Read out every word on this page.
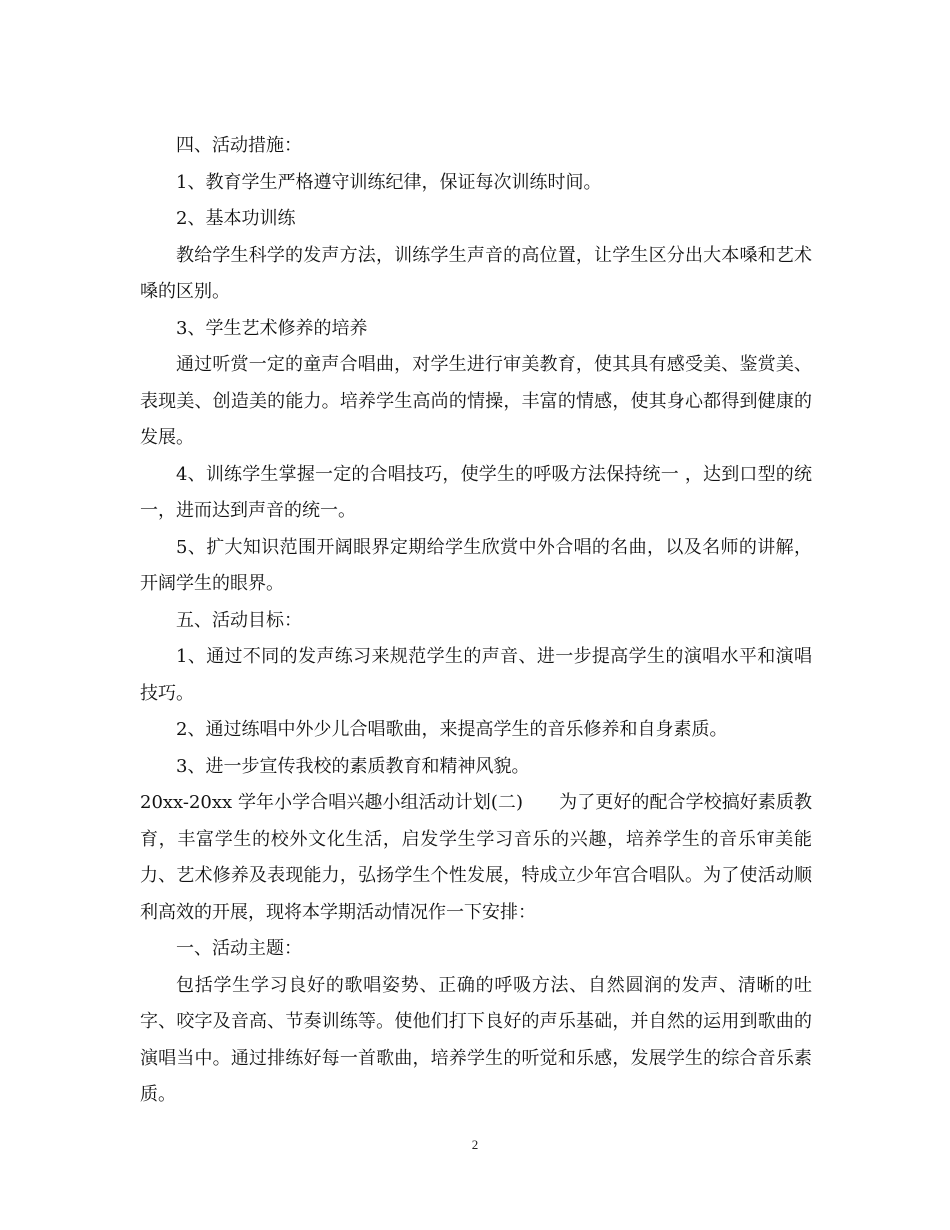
四、活动措施：

1、教育学生严格遵守训练纪律，保证每次训练时间。

2、基本功训练

教给学生科学的发声方法，训练学生声音的高位置，让学生区分出大本嗓和艺术嗓的区别。

3、学生艺术修养的培养

通过听赏一定的童声合唱曲，对学生进行审美教育，使其具有感受美、鉴赏美、表现美、创造美的能力。培养学生高尚的情操，丰富的情感，使其身心都得到健康的发展。

4、训练学生掌握一定的合唱技巧，使学生的呼吸方法保持统一 ，达到口型的统一，进而达到声音的统一。

5、扩大知识范围开阔眼界定期给学生欣赏中外合唱的名曲，以及名师的讲解，开阔学生的眼界。

五、活动目标：

1、通过不同的发声练习来规范学生的声音、进一步提高学生的演唱水平和演唱技巧。

2、通过练唱中外少儿合唱歌曲，来提高学生的音乐修养和自身素质。

3、进一步宣传我校的素质教育和精神风貌。

20xx-20xx 学年小学合唱兴趣小组活动计划(二)　　为了更好的配合学校搞好素质教育，丰富学生的校外文化生活，启发学生学习音乐的兴趣，培养学生的音乐审美能力、艺术修养及表现能力，弘扬学生个性发展，特成立少年宫合唱队。为了使活动顺利高效的开展，现将本学期活动情况作一下安排：

一、活动主题：

包括学生学习良好的歌唱姿势、正确的呼吸方法、自然圆润的发声、清晰的吐字、咬字及音高、节奏训练等。使他们打下良好的声乐基础，并自然的运用到歌曲的演唱当中。通过排练好每一首歌曲，培养学生的听觉和乐感，发展学生的综合音乐素质。

2
